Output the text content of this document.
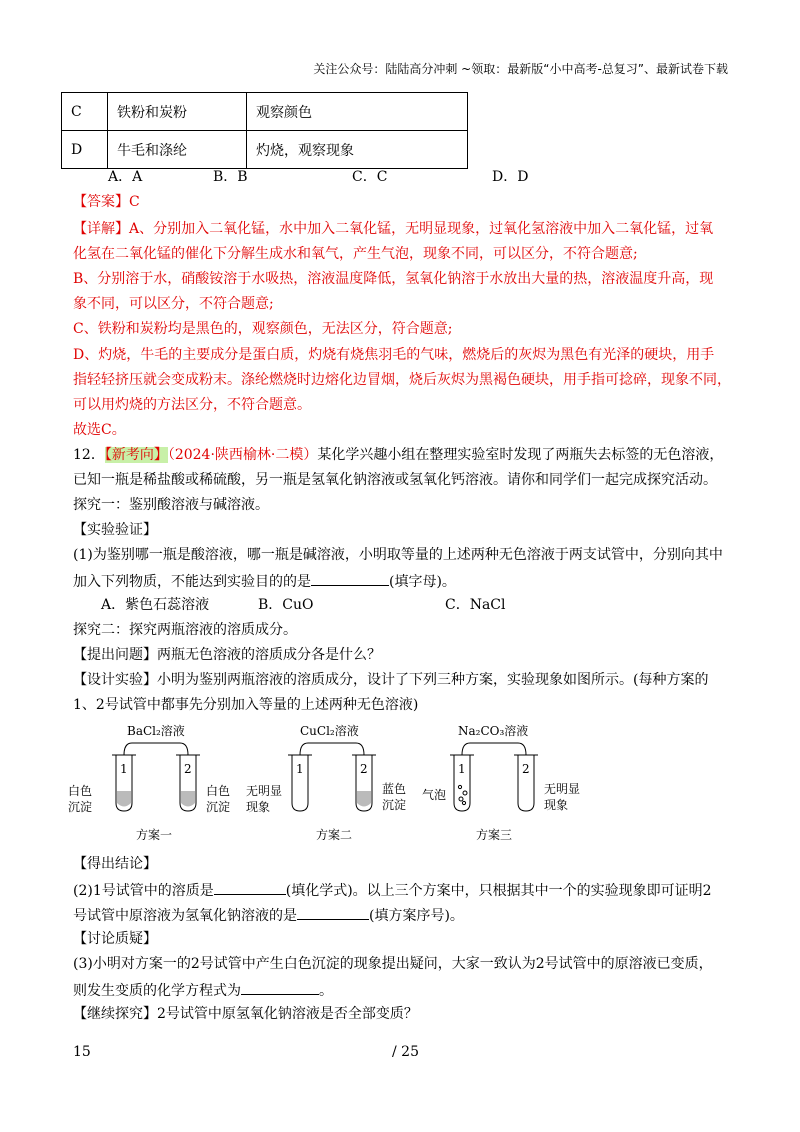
关注公众号：陆陆高分冲刺 ~领取：最新版“小中高考-总复习”、最新试卷下载
C	铁粉和炭粉	观察颜色
D	牛毛和涤纶	灼烧，观察现象
A．A	B．B	C．C	D．D
【答案】C
【详解】A、分别加入二氧化锰，水中加入二氧化锰，无明显现象，过氧化氢溶液中加入二氧化锰，过氧
化氢在二氧化锰的催化下分解生成水和氧气，产生气泡，现象不同，可以区分，不符合题意;
B、分别溶于水，硝酸铵溶于水吸热，溶液温度降低，氢氧化钠溶于水放出大量的热，溶液温度升高，现
象不同，可以区分，不符合题意;
C、铁粉和炭粉均是黑色的，观察颜色，无法区分，符合题意;
D、灼烧，牛毛的主要成分是蛋白质，灼烧有烧焦羽毛的气味，燃烧后的灰烬为黑色有光泽的硬块，用手
指轻轻挤压就会变成粉末。涤纶燃烧时边熔化边冒烟，烧后灰烬为黑褐色硬块，用手指可捻碎，现象不同，
可以用灼烧的方法区分，不符合题意。
故选C。
12．【新考向】（2024·陕西榆林·二模）某化学兴趣小组在整理实验室时发现了两瓶失去标签的无色溶液，
已知一瓶是稀盐酸或稀硫酸，另一瓶是氢氧化钠溶液或氢氧化钙溶液。请你和同学们一起完成探究活动。
探究一：鉴别酸溶液与碱溶液。
【实验验证】
(1)为鉴别哪一瓶是酸溶液，哪一瓶是碱溶液，小明取等量的上述两种无色溶液于两支试管中，分别向其中
加入下列物质，不能达到实验目的的是	(填字母)。
A．紫色石蕊溶液	B．CuO	C．NaCl
探究二：探究两瓶溶液的溶质成分。
【提出问题】两瓶无色溶液的溶质成分各是什么？
【设计实验】小明为鉴别两瓶溶液的溶质成分，设计了下列三种方案，实验现象如图所示。(每种方案的
1、2号试管中都事先分别加入等量的上述两种无色溶液)
BaCl₂溶液
1	2
白色
沉淀
白色
沉淀
方案一
CuCl₂溶液
1	2
无明显
现象
蓝色
沉淀
方案二
Na₂CO₃溶液
1	2
气泡	无明显
现象
方案三
【得出结论】
(2)1号试管中的溶质是	(填化学式)。以上三个方案中，只根据其中一个的实验现象即可证明2
号试管中原溶液为氢氧化钠溶液的是	(填方案序号)。
【讨论质疑】
(3)小明对方案一的2号试管中产生白色沉淀的现象提出疑问，大家一致认为2号试管中的原溶液已变质，
则发生变质的化学方程式为	。
【继续探究】2号试管中原氢氧化钠溶液是否全部变质？
15	/ 25
